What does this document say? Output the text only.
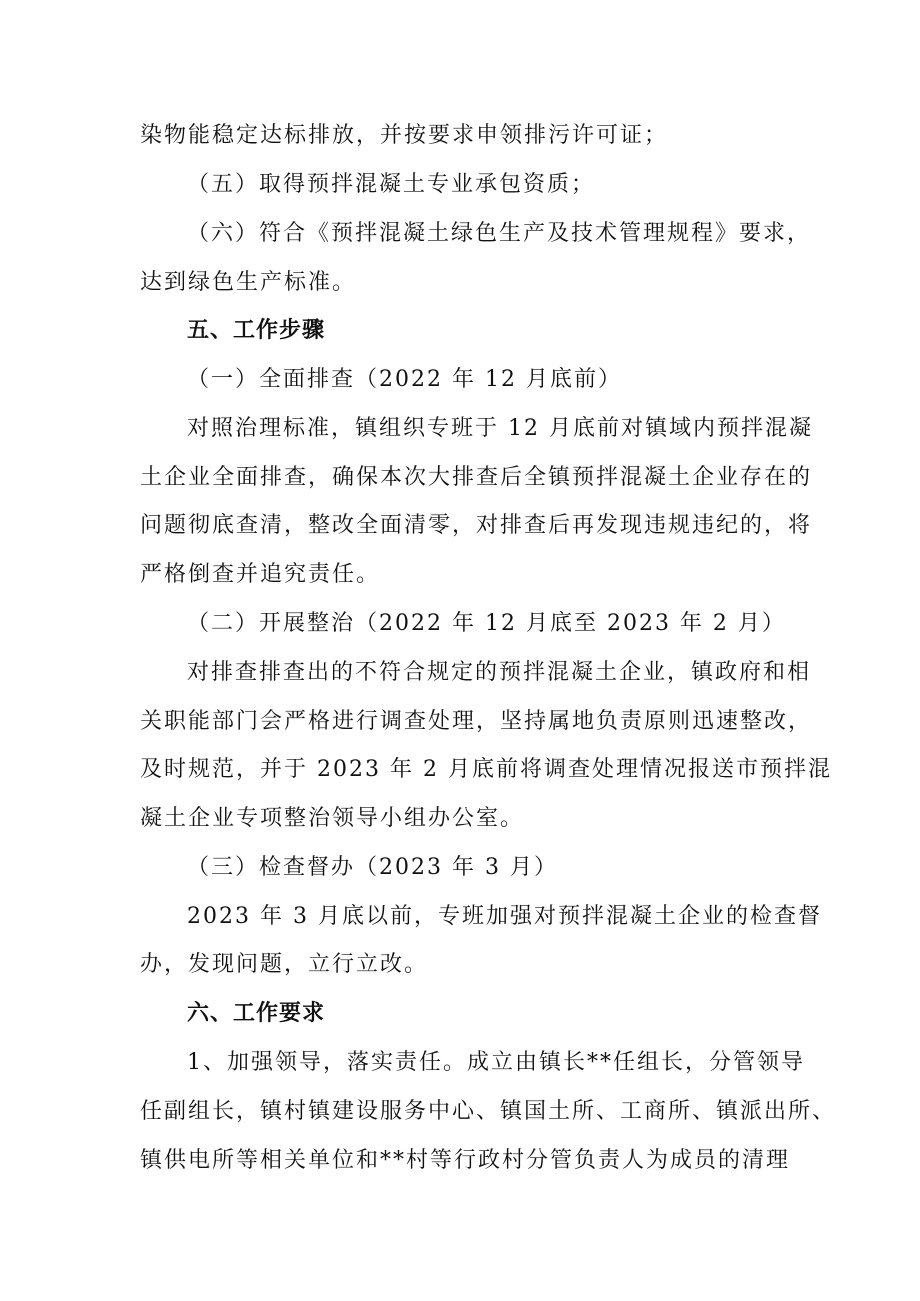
染物能稳定达标排放，并按要求申领排污许可证；
（五）取得预拌混凝土专业承包资质；
（六）符合《预拌混凝土绿色生产及技术管理规程》要求，
达到绿色生产标准。
五、工作步骤
（一）全面排查（2022 年 12 月底前）
对照治理标准，镇组织专班于 12 月底前对镇域内预拌混凝
土企业全面排查，确保本次大排查后全镇预拌混凝土企业存在的
问题彻底查清，整改全面清零，对排查后再发现违规违纪的，将
严格倒查并追究责任。
（二）开展整治（2022 年 12 月底至 2023 年 2 月）
对排查排查出的不符合规定的预拌混凝土企业，镇政府和相
关职能部门会严格进行调查处理，坚持属地负责原则迅速整改，
及时规范，并于 2023 年 2 月底前将调查处理情况报送市预拌混
凝土企业专项整治领导小组办公室。
（三）检查督办（2023 年 3 月）
2023 年 3 月底以前，专班加强对预拌混凝土企业的检查督
办，发现问题，立行立改。
六、工作要求
1、加强领导，落实责任。成立由镇长**任组长，分管领导
任副组长，镇村镇建设服务中心、镇国土所、工商所、镇派出所、
镇供电所等相关单位和**村等行政村分管负责人为成员的清理
